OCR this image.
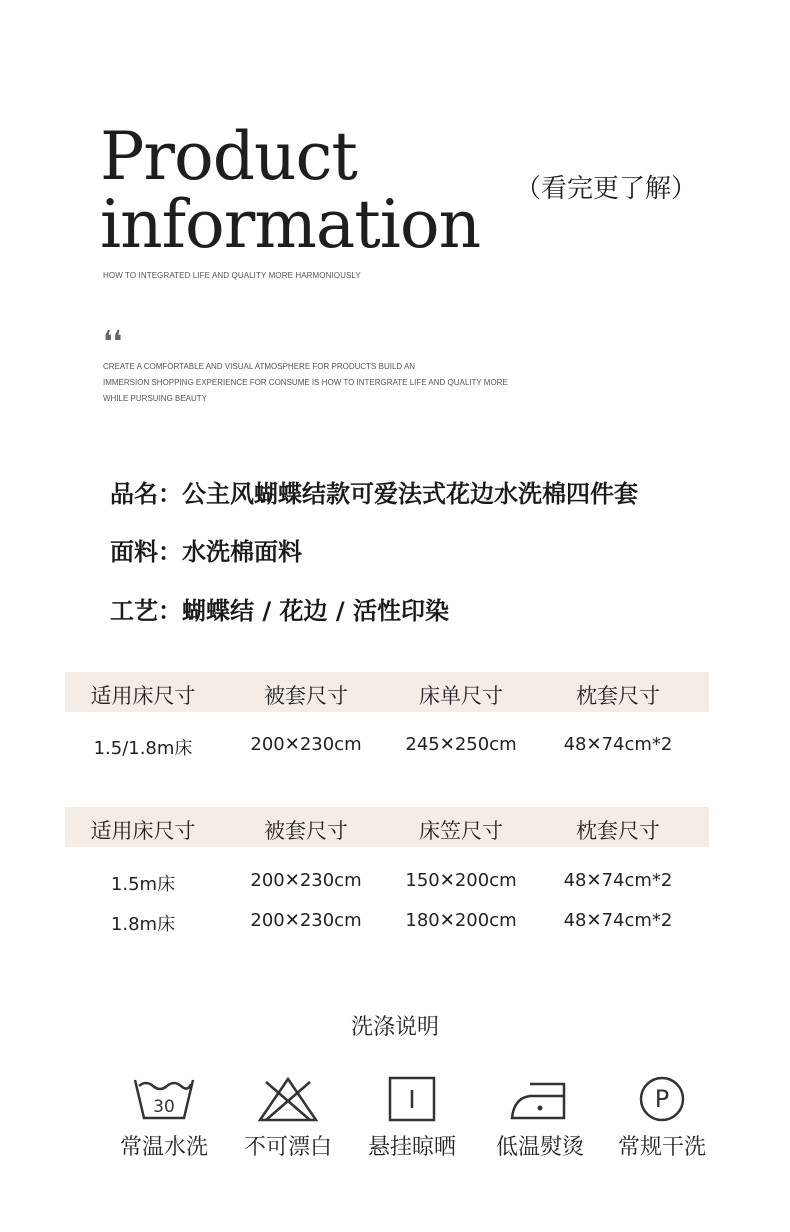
Product
information （看完更了解）
HOW TO INTEGRATED LIFE AND QUALITY MORE HARMONIOUSLY
❛❛
CREATE A COMFORTABLE AND VISUAL ATMOSPHERE FOR PRODUCTS BUILD AN
IMMERSION SHOPPING EXPERIENCE FOR CONSUME IS HOW TO INTERGRATE LIFE AND QUALITY MORE
WHILE PURSUING BEAUTY
品名：公主风蝴蝶结款可爱法式花边水洗棉四件套
面料：水洗棉面料
工艺：蝴蝶结 / 花边 / 活性印染
适用床尺寸	被套尺寸	床单尺寸	枕套尺寸
1.5/1.8m床	200✕230cm	245✕250cm	48✕74cm*2
适用床尺寸	被套尺寸	床笠尺寸	枕套尺寸
1.5m床	200✕230cm	150✕200cm	48✕74cm*2
1.8m床	200✕230cm	180✕200cm	48✕74cm*2
洗涤说明
30
常温水洗	不可漂白	悬挂晾晒	低温熨烫
P
常规干洗
